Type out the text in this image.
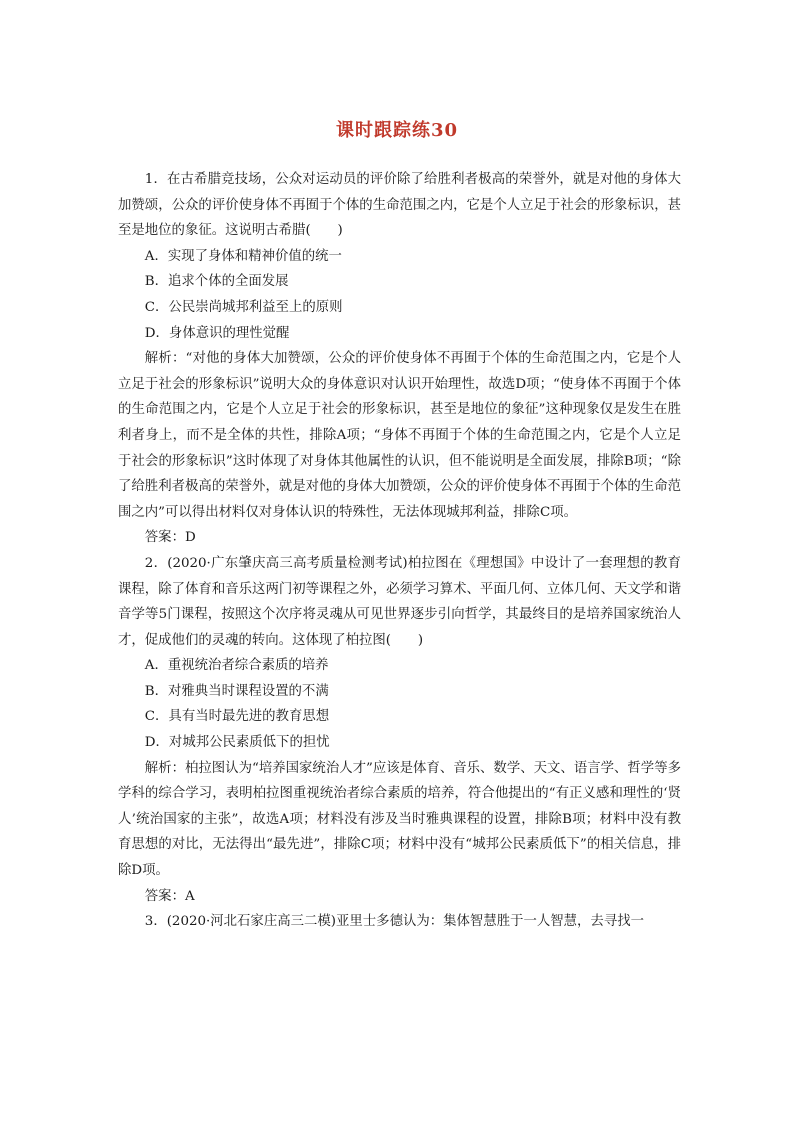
课时跟踪练30

1．在古希腊竞技场，公众对运动员的评价除了给胜利者极高的荣誉外，就是对他的身体大加赞颂，公众的评价使身体不再囿于个体的生命范围之内，它是个人立足于社会的形象标识，甚至是地位的象征。这说明古希腊(　　)

A．实现了身体和精神价值的统一

B．追求个体的全面发展

C．公民崇尚城邦利益至上的原则

D．身体意识的理性觉醒

解析：“对他的身体大加赞颂，公众的评价使身体不再囿于个体的生命范围之内，它是个人立足于社会的形象标识”说明大众的身体意识对认识开始理性，故选D项；“使身体不再囿于个体的生命范围之内，它是个人立足于社会的形象标识，甚至是地位的象征”这种现象仅是发生在胜利者身上，而不是全体的共性，排除A项；“身体不再囿于个体的生命范围之内，它是个人立足于社会的形象标识”这时体现了对身体其他属性的认识，但不能说明是全面发展，排除B项；“除了给胜利者极高的荣誉外，就是对他的身体大加赞颂，公众的评价使身体不再囿于个体的生命范围之内”可以得出材料仅对身体认识的特殊性，无法体现城邦利益，排除C项。

答案：D

2．(2020·广东肇庆高三高考质量检测考试)柏拉图在《理想国》中设计了一套理想的教育课程，除了体育和音乐这两门初等课程之外，必须学习算术、平面几何、立体几何、天文学和谐音学等5门课程，按照这个次序将灵魂从可见世界逐步引向哲学，其最终目的是培养国家统治人才，促成他们的灵魂的转向。这体现了柏拉图(　　)

A．重视统治者综合素质的培养

B．对雅典当时课程设置的不满

C．具有当时最先进的教育思想

D．对城邦公民素质低下的担忧

解析：柏拉图认为“培养国家统治人才”应该是体育、音乐、数学、天文、语言学、哲学等多学科的综合学习，表明柏拉图重视统治者综合素质的培养，符合他提出的“有正义感和理性的‘贤人’统治国家的主张”，故选A项；材料没有涉及当时雅典课程的设置，排除B项；材料中没有教育思想的对比，无法得出“最先进”，排除C项；材料中没有“城邦公民素质低下”的相关信息，排除D项。

答案：A

3．(2020·河北石家庄高三二模)亚里士多德认为：集体智慧胜于一人智慧，去寻找一
